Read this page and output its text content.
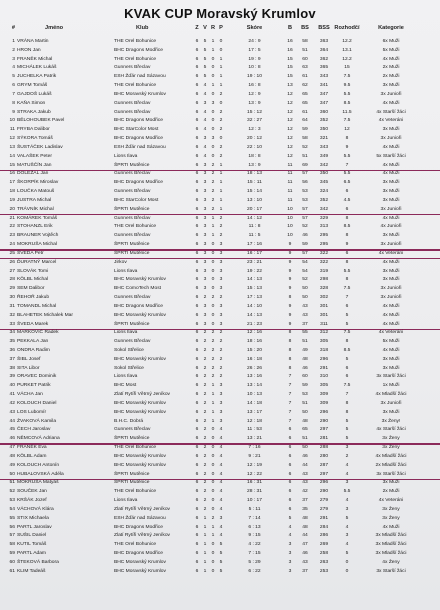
KVAK CUP Moravský Krumlov
#	Jméno	Klub	Z V R P	Skóre	B	BS	BSS Rozhodčí	Kategorie
1 VRÁNA Martin	THE Orel Bohunice	6	5	1	0	24 : 9	16	58	363	12.2	6x Muži
2 HRON Jan	BHC Dragons Modřice	6	5	1	0	17 : 5	16	51	364	13.1	5x Muži
3 FRANĚK Michal	THE Orel Bohunice	6	5	0	1	19 : 9	15	60	362	12.2	4x Muži
4 MICHÁLEK Lukáš	Gunners Břeclav	6	5	0	1	10 : 8	15	63	365	15	2x Muži
5 JUCHELKA Patrik	ESH Žďár nad Sázavou	6	5	0	1	19 : 10	15	61	343	7.5	2x Muži
6 GRYM Tomáš	THE Orel Bohunice	6	4	1	1	16 : 8	13	62	341	9.5	3x Muži
7 GAJDOŠ Lukáš	BHC Moravský Krumlov	6	4	0	2	12 : 9	12	65	347	5.5	3x Junioři
8 KAŇA Simon	Gunners Břeclav	6	3	3	0	13 : 9	12	65	347	8.5	4x Muži
9 STRAKA Jakub	Gunners Břeclav	6	4	0	2	15 : 12	12	61	360	11.5	4x Starší žáci
10 BĚLOHOUBEK Pavel	BHC Dragons Modřice	6	4	0	2	32 : 27	12	64	352	7.5	4x Veteráni
11 FRYBA Dalibor	BHC StarColor Most	6	4	0	2	12 : 3	12	59	350	12	3x Muži
12 SÝKORA Tomáš	BHC Dragons Modřice	6	3	3	0	20 : 12	12	58	321	8	3x Junioři
13 ŠUSTÁČEK Ladislav	ESH Žďár nad Sázavou	6	4	0	2	22 : 10	12	52	343	9	4x Muži
14 VALAŠEK Peter	Lions Ilava	6	4	0	2	18 : 8	12	51	349	5.5	5x Starší žáci
15 MATUŠČÍN Jan	ŠPRTI Mutěnice	6	3	2	1	13 : 9	11	69	342	7	4x Muži
16 DOLEŽAL Jan	Gunners Břeclav	6	3	2	1	18 : 13	11	57	350	5.5	4x Muži
17 ŠKORPÍK Miroslav	BHC Dragons Modřice	6	3	2	1	15 : 11	11	56	345	6.5	3x Muži
18 LOUČKA Matouš	Gunners Břeclav	6	3	2	1	15 : 14	11	53	324	6	3x Muži
19 JUSTRA Michal	BHC StarColor Most	6	3	2	1	13 : 10	11	53	352	4.5	3x Muži
20 TRÁVNÍK Michal	ŠPRTI Mutěnice	6	3	2	1	20 : 17	10	57	342	6	3x Junioři
21 KOMÁREK Tomáš	Gunners Břeclav	6	3	1	2	14 : 12	10	57	329	8	4x Muži
22 STOHANZL Erik	THE Orel Bohunice	6	3	1	2	11 : 8	10	52	313	8.5	4x Junioři
23 BRAUNER Vojtěch	Gunners Břeclav	6	3	1	2	11 : 5	10	46	295	8	3x Muži
24 MOKRUŠA Michal	ŠPRTI Mutěnice	6	3	0	3	17 : 16	9	59	295	9	3x Junioři
25 ŠVEDA Petr	ŠPRTI Mutěnice	6	3	0	3	16 : 17	9	57	322	6	4x Veteráni
26 ĎURATNÝ Marcel	Jirkov	6	3	0	3	23 : 21	9	54	322	8	4x Muži
27 SLOVÁK Tomi	Lions Ilava	6	3	0	3	19 : 22	9	54	319	5.5	3x Muži
28 KÖLBL Michal	BHC Moravský Krumlov	6	3	0	3	14 : 13	9	52	298	8	3x Muži
29 SEM Dalibor	BHC ComoTech Most	6	3	0	3	15 : 13	9	50	328	7.5	3x Junioři
30 ŘEHOŘ Jakub	Gunners Břeclav	6	2	2	2	17 : 13	8	50	302	7	3x Junioři
31 TOMANDL Michal	BHC Dragons Modřice	6	3	0	3	14 : 10	9	43	301	6	4x Muži
32 BLAHETEK Michalek Mar	BHC Moravský Krumlov	6	3	0	3	14 : 13	9	43	301	5	4x Muži
33 ŠVEDA Marek	ŠPRTI Mutěnice	6	3	0	3	21 : 23	9	37	311	5	4x Muži
34 MARKOVIČ Radek	Lions Ilava	6	2	2	2	12 : 16	8	55	312	7.5	4x Veteráni
35 PEKKALA Jan	Gunners Břeclav	6	2	2	2	18 : 16	8	51	305	8	5x Muži
36 ONDRA Radim	Sokol Střelice	6	2	2	2	15 : 20	8	49	318	8.5	4x Muži
37 ŠIBL Josef	BHC Moravský Krumlov	6	2	2	2	16 : 18	8	48	296	5	3x Muži
38 SITA Libor	Sokol Střelice	6	2	2	2	26 : 26	8	46	291	6	3x Muži
39 ORAVEC Dominik	Lions Ilava	6	2	2	2	13 : 16	7	60	310	6	3x Starší žáci
40 PURKET Patrik	BHC Most	6	2	1	3	13 : 14	7	59	305	7.5	1x Muži
41 VÁCHA Jan	Zlatí Rytíři Větrný Jeníkov	6	2	1	3	10 : 13	7	53	309	7	4x Mladší žáci
42 KOLOUCH Daniel	BHC Moravský Krumlov	6	2	1	3	14 : 18	7	51	309	8	3x Junioři
43 LOS Lubomír	BHC Moravský Krumlov	6	2	1	3	13 : 17	7	50	296	8	3x Muži
44 ŽVAKOVÁ Kamila	B.H.C. Dobrá	6	2	1	3	12 : 18	7	48	290	5	3x Ženy!
45 ČECH Jaroslav	Gunners Břeclav	6	2	0	4	11 : 53	6	65	297	5	4x Starší žáci
46 NĚMCOVÁ Adriana	ŠPRTI Mutěnice	6	2	0	4	13 : 21	6	51	281	5	3x Ženy
47 FRANĚK Eva	THE Orel Bohunice	6	2	0	4	7 : 16	6	50	288	3	3x Ženy
48 KÖLBL Adam	BHC Moravský Krumlov	6	2	0	4	9 : 21	6	46	280	2	4x Mladší žáci
49 KOLOUCH Antonín	BHC Moravský Krumlov	6	2	0	4	12 : 19	6	44	287	4	2x Mladší žáci
50 HUBALOVSKÁ Adéla	ŠPRTI Mutěnice	6	2	0	4	12 : 22	6	43	297	4	3x Starší žáci
51 MOKRUŠA Matyáš	ŠPRTI Mutěnice	6	2	0	4	16 : 31	6	43	296	3	3x Muži
52 SOUČEK Jan	THE Orel Bohunice	6	2	0	4	28 : 31	6	42	290	5.5	2x Muži
53 KRŠÁK Jozef	Lions Ilava	6	2	0	4	10 : 17	6	37	279	4	4x Veteráni
54 VÁCHOVÁ Klára	Zlatí Rytíři Větrný Jeníkov	6	2	0	4	5 : 11	6	35	279	3	3x Ženy
55 STIX Michaela	ESH Žďár nad Sázavou	6	1	2	3	7 : 14	5	48	291	5	3x Ženy
56 PARTL Jaroslav	BHC Dragons Modřice	6	1	1	4	6 : 13	4	48	284	4	4x Muži
57 SUŠIL Daniel	Zlatí Rytíři Větrný Jeníkov	6	1	1	4	9 : 15	4	44	286	3	3x Mladší žáci
58 KUTIL Tomáš	THE Orel Bohunice	6	1	0	5	4 : 22	3	47	269	4	3x Mladší žáci
59 PARTL Adam	BHC Dragons Modřice	6	1	0	5	7 : 15	3	46	258	5	3x Mladší žáci
60 ŠTEKOVÁ Barbora	BHC Moravský Krumlov	6	1	0	5	5 : 29	3	43	263	0	4x Ženy
61 KLIM Tadeáš	BHC Moravský Krumlov	6	1	0	5	6 : 22	3	37	253	0	3x Starší žáci
